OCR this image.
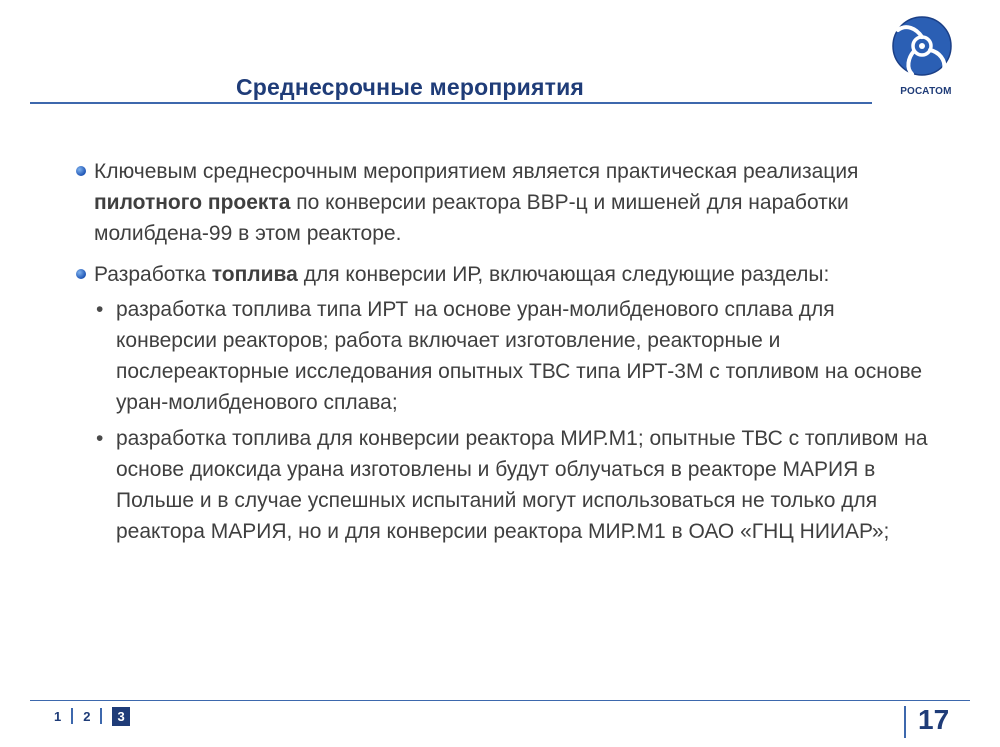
Среднесрочные мероприятия	РОСАТОМ
Ключевым среднесрочным мероприятием является практическая реализация пилотного проекта по конверсии реактора ВВР-ц и мишеней для наработки молибдена-99 в этом реакторе.
Разработка топлива для конверсии ИР, включающая следующие разделы:
• разработка топлива типа ИРТ на основе уран-молибденового сплава для конверсии реакторов; работа включает изготовление, реакторные и послереакторные исследования опытных ТВС типа ИРТ-3М с топливом на основе уран-молибденового сплава;
• разработка топлива для конверсии реактора МИР.М1; опытные ТВС с топливом на основе диоксида урана изготовлены и будут облучаться в реакторе МАРИЯ в Польше и в случае успешных испытаний могут использоваться не только для реактора МАРИЯ, но и для конверсии реактора МИР.М1 в ОАО «ГНЦ НИИАР»;
1 2	3	17
